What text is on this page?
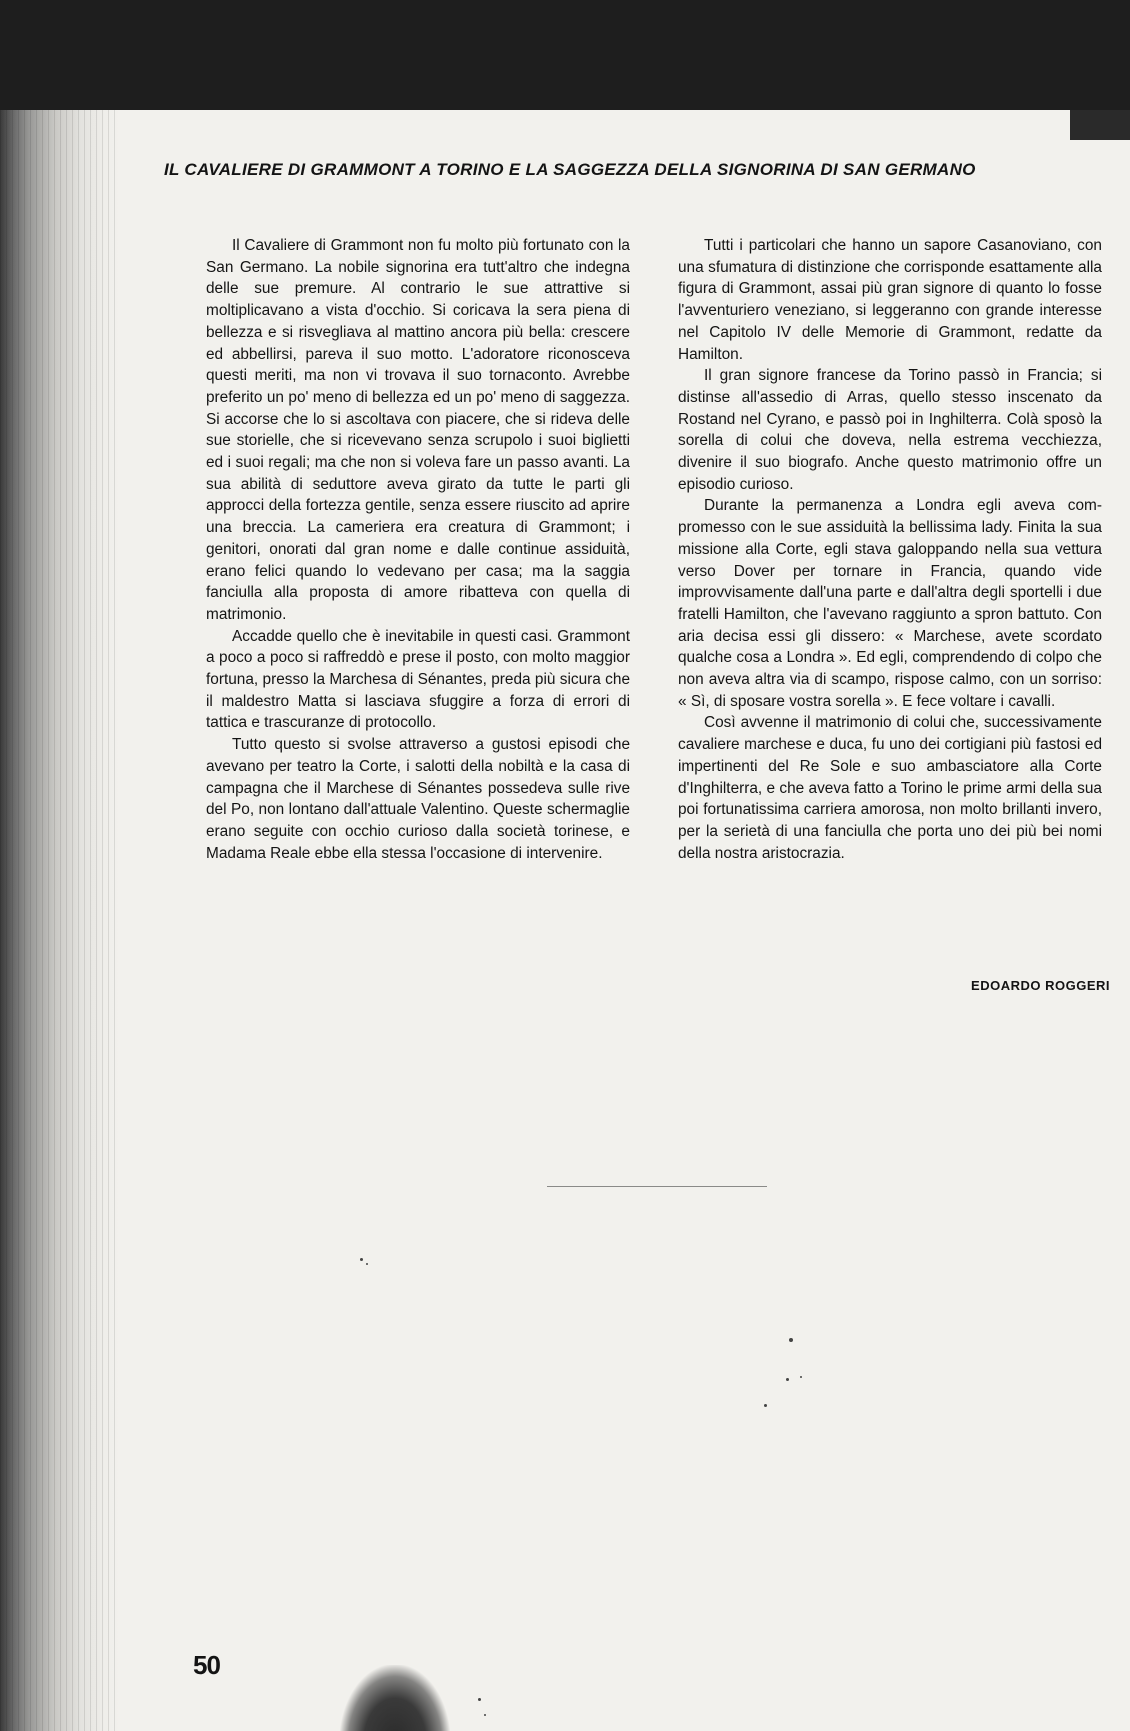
IL CAVALIERE DI GRAMMONT A TORINO E LA SAGGEZZA DELLA SIGNORINA DI SAN GERMANO

Il Cavaliere di Grammont non fu molto più fortunato con la San Germano. La nobile signorina era tutt'altro che indegna delle sue premure. Al contrario le sue attrattive si moltiplicavano a vista d'occhio. Si coricava la sera piena di bellezza e si risvegliava al mattino ancora più bella: crescere ed abbellirsi, pareva il suo motto. L'adoratore riconosceva questi meriti, ma non vi trovava il suo tornaconto. Avrebbe preferito un po' meno di bellezza ed un po' meno di saggezza. Si accorse che lo si ascoltava con piacere, che si rideva delle sue storielle, che si ricevevano senza scrupolo i suoi biglietti ed i suoi regali; ma che non si voleva fare un passo avanti. La sua abilità di seduttore aveva girato da tutte le parti gli approcci della fortezza gentile, senza essere riuscito ad aprire una breccia. La cameriera era creatura di Grammont; i genitori, onorati dal gran nome e dalle continue assiduità, erano felici quando lo vedevano per casa; ma la saggia fanciulla alla proposta di amore ribatteva con quella di matrimonio.

Accadde quello che è inevitabile in questi casi. Grammont a poco a poco si raffreddò e prese il posto, con molto maggior fortuna, presso la Marchesa di Sénantes, preda più sicura che il maldestro Matta si lasciava sfuggire a forza di errori di tattica e trascuranze di protocollo.

Tutto questo si svolse attraverso a gustosi episodi che avevano per teatro la Corte, i salotti della nobiltà e la casa di campagna che il Marchese di Sénantes possedeva sulle rive del Po, non lontano dall'attuale Valentino. Queste schermaglie erano seguite con occhio curioso dalla società torinese, e Madama Reale ebbe ella stessa l'occasione di intervenire.

Tutti i particolari che hanno un sapore Casanoviano, con una sfumatura di distinzione che corrisponde esattamente alla figura di Grammont, assai più gran signore di quanto lo fosse l'avventuriero veneziano, si leggeranno con grande interesse nel Capitolo IV delle Memorie di Grammont, redatte da Hamilton.

Il gran signore francese da Torino passò in Francia; si distinse all'assedio di Arras, quello stesso inscenato da Rostand nel Cyrano, e passò poi in Inghilterra. Colà sposò la sorella di colui che doveva, nella estrema vecchiezza, divenire il suo biografo. Anche questo matrimonio offre un episodio curioso.

Durante la permanenza a Londra egli aveva compromesso con le sue assiduità la bellissima lady. Finita la sua missione alla Corte, egli stava galoppando nella sua vettura verso Dover per tornare in Francia, quando vide improvvisamente dall'una parte e dall'altra degli sportelli i due fratelli Hamilton, che l'avevano raggiunto a spron battuto. Con aria decisa essi gli dissero: « Marchese, avete scordato qualche cosa a Londra ». Ed egli, comprendendo di colpo che non aveva altra via di scampo, rispose calmo, con un sorriso: « Sì, di sposare vostra sorella ». E fece voltare i cavalli.

Così avvenne il matrimonio di colui che, successivamente cavaliere marchese e duca, fu uno dei cortigiani più fastosi ed impertinenti del Re Sole e suo ambasciatore alla Corte d'Inghilterra, e che aveva fatto a Torino le prime armi della sua poi fortunatissima carriera amorosa, non molto brillanti invero, per la serietà di una fanciulla che porta uno dei più bei nomi della nostra aristocrazia.

EDOARDO ROGGERI
50
